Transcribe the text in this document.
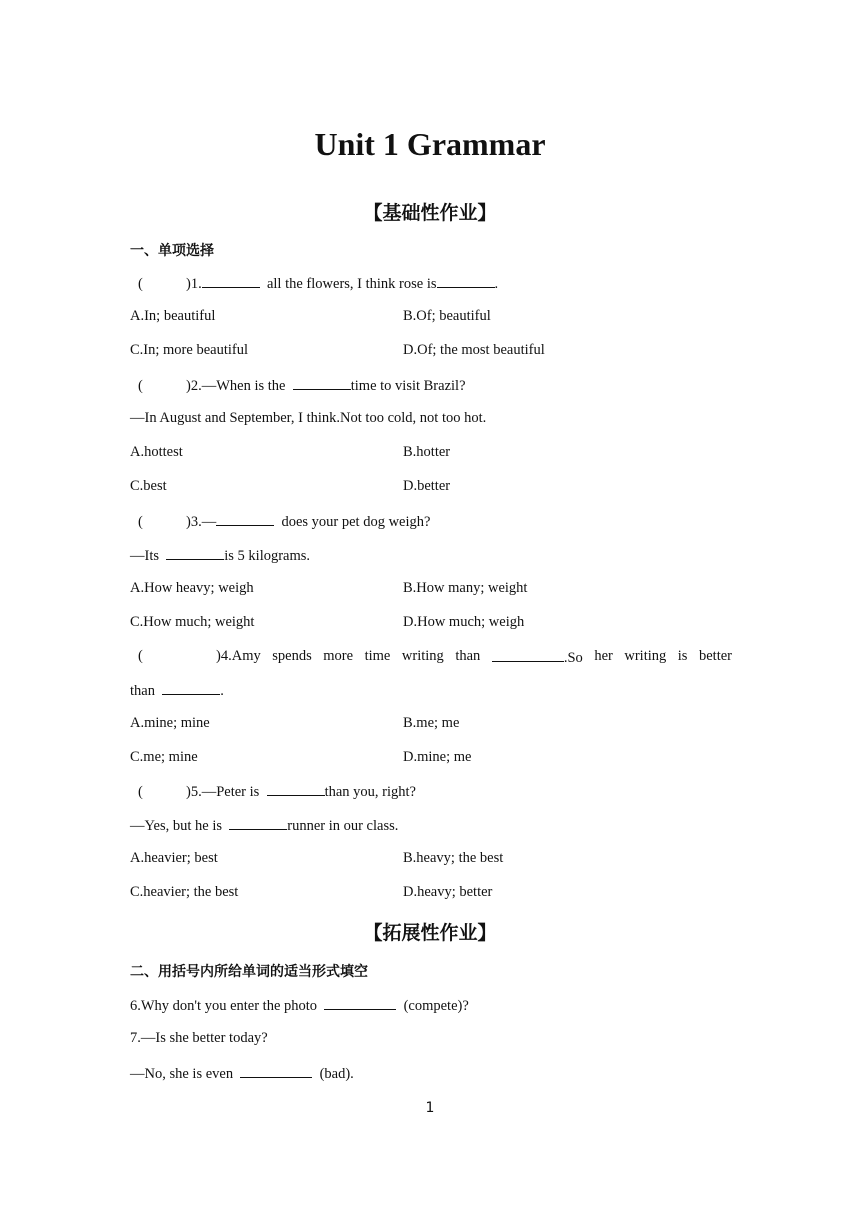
Unit 1 Grammar
【基础性作业】
一、单项选择
(	)1.	all the flowers, I think rose is	.
A.In; beautiful	B.Of; beautiful
C.In; more beautiful	D.Of; the most beautiful
(	)2.—When is the	time to visit Brazil?
—In August and September, I think.Not too cold, not too hot.
A.hottest	B.hotter
C.best	D.better
(	)3.—	does your pet dog weigh?
—Its	is 5 kilograms.
A.How heavy; weigh	B.How many; weight
C.How much; weight	D.How much; weigh
(	)4.Amy spends more time writing than	.So her writing is better
than	.
A.mine; mine	B.me; me
C.me; mine	D.mine; me
(	)5.—Peter is	than you, right?
—Yes, but he is	runner in our class.
A.heavier; best	B.heavy; the best
C.heavier; the best	D.heavy; better
【拓展性作业】
二、用括号内所给单词的适当形式填空
6.Why don't you enter the photo	(compete)?
7.—Is she better today?
—No, she is even	(bad).
1
